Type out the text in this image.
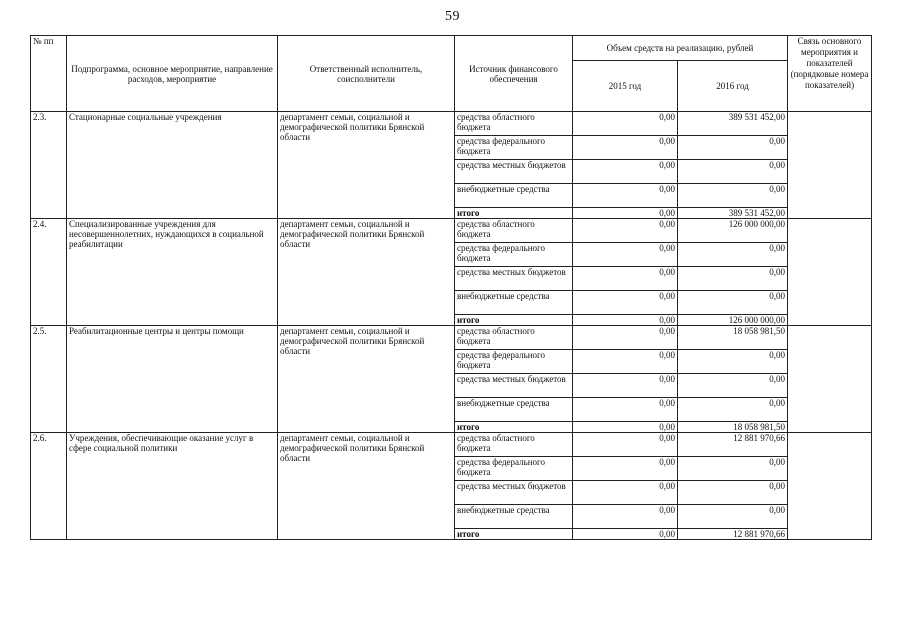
59
№ пп	Подпрограмма, основное мероприятие, направление расходов, мероприятие	Ответственный исполнитель, соисполнители	Источник финансового обеспечения	Объем средств на реализацию, рублей		Связь основного мероприятия и показателей (порядковые номера показателей)
				2015 год	2016 год	
2.3.	Стационарные социальные учреждения	департамент семьи, социальной и демографической политики Брянской области	средства областного бюджета	0,00	389 531 452,00	
			средства федерального бюджета	0,00	0,00	
			средства местных бюджетов	0,00	0,00	
			внебюджетные средства	0,00	0,00	
			итого	0,00	389 531 452,00	
2.4.	Специализированные учреждения для несовершеннолетних, нуждающихся в социальной реабилитации	департамент семьи, социальной и демографической политики Брянской области	средства областного бюджета	0,00	126 000 000,00	
			средства федерального бюджета	0,00	0,00	
			средства местных бюджетов	0,00	0,00	
			внебюджетные средства	0,00	0,00	
			итого	0,00	126 000 000,00	
2.5.	Реабилитационные центры и центры помощи	департамент семьи, социальной и демографической политики Брянской области	средства областного бюджета	0,00	18 058 981,50	
			средства федерального бюджета	0,00	0,00	
			средства местных бюджетов	0,00	0,00	
			внебюджетные средства	0,00	0,00	
			итого	0,00	18 058 981,50	
2.6.	Учреждения, обеспечивающие оказание услуг в сфере социальной политики	департамент семьи, социальной и демографической политики Брянской области	средства областного бюджета	0,00	12 881 970,66	
			средства федерального бюджета	0,00	0,00	
			средства местных бюджетов	0,00	0,00	
			внебюджетные средства	0,00	0,00	
			итого	0,00	12 881 970,66	
